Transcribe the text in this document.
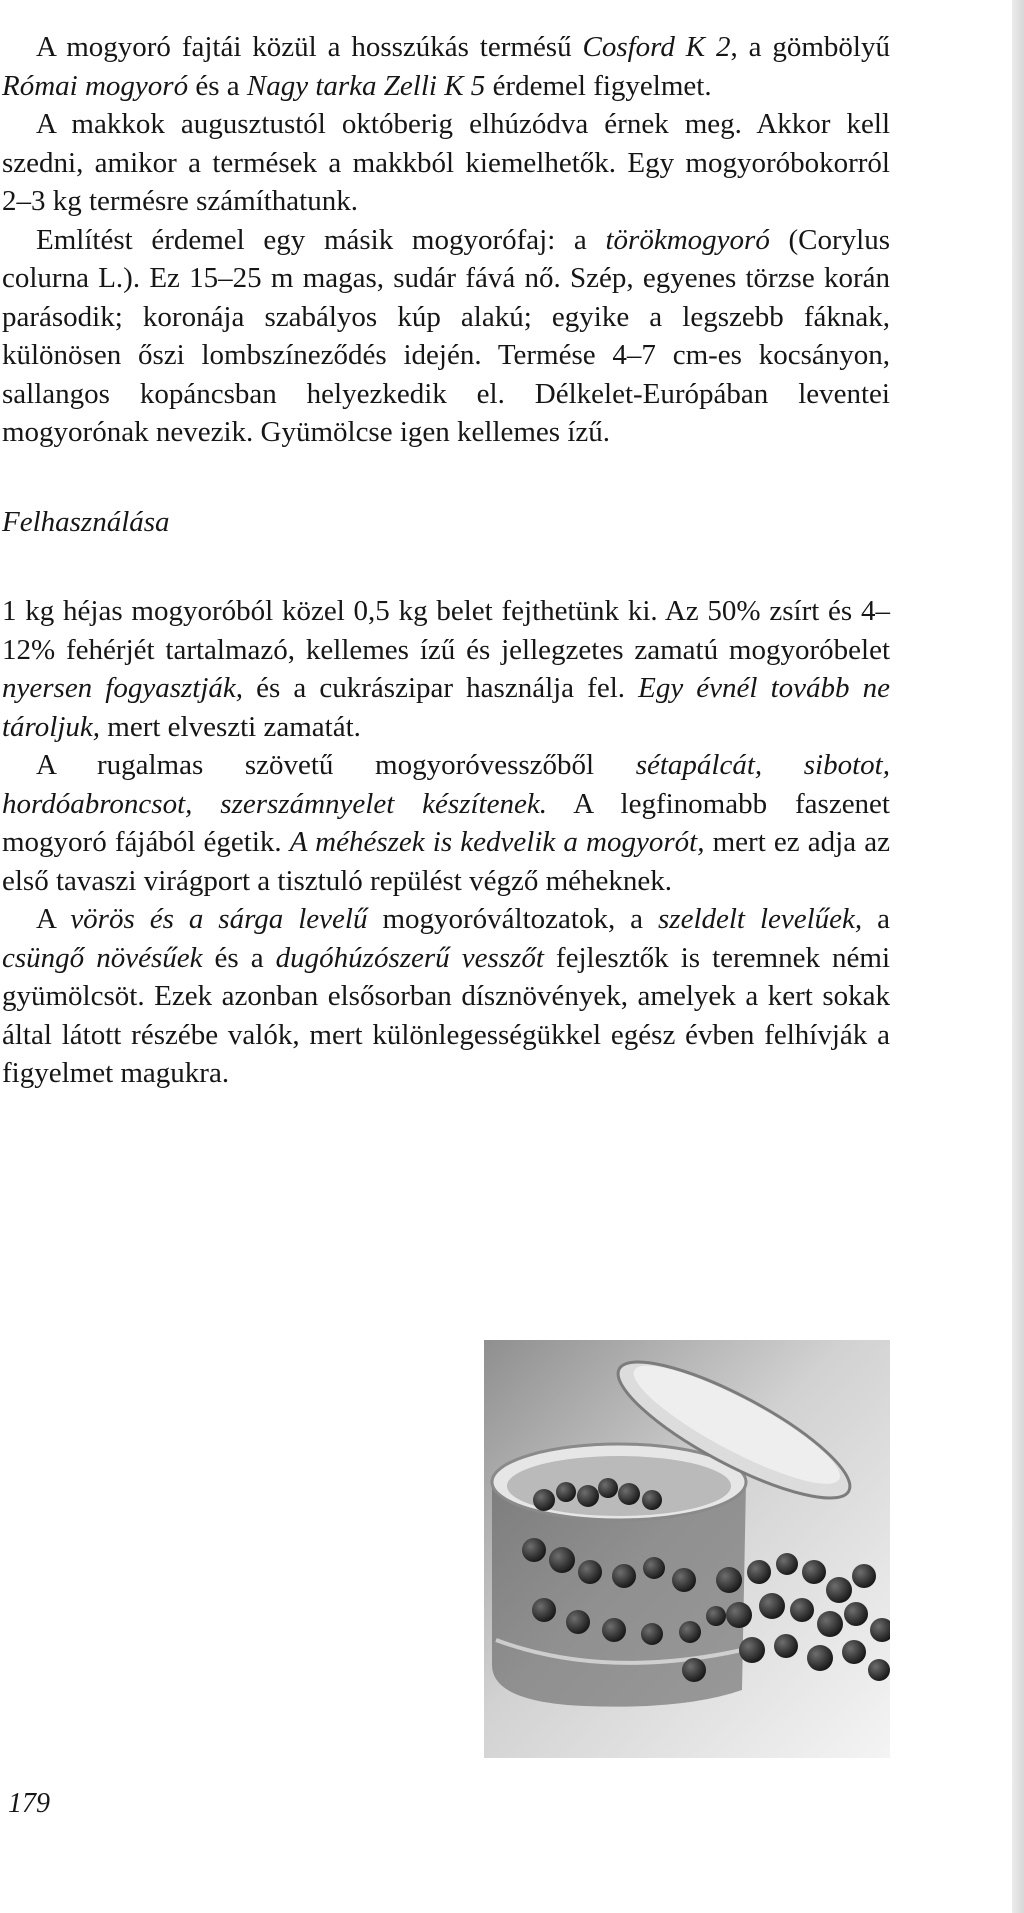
A mogyoró fajtái közül a hosszúkás termésű Cosford K 2, a gömbölyű Római mogyoró és a Nagy tarka Zelli K 5 érdemel figyelmet.

A makkok augusztustól októberig elhúzódva érnek meg. Akkor kell szedni, amikor a termések a makkból kiemelhetők. Egy mogyoróbokorról 2–3 kg termésre számíthatunk.

Említést érdemel egy másik mogyorófaj: a törökmogyoró (Corylus colurna L.). Ez 15–25 m magas, sudár fává nő. Szép, egyenes törzse korán parásodik; koronája szabályos kúp alakú; egyike a legszebb fáknak, különösen őszi lombszíneződés idején. Termése 4–7 cm-es kocsányon, sallangos kopáncsban helyezkedik el. Délkelet-Európában leventei mogyorónak nevezik. Gyümölcse igen kellemes ízű.

Felhasználása

1 kg héjas mogyoróból közel 0,5 kg belet fejthetünk ki. Az 50% zsírt és 4–12% fehérjét tartalmazó, kellemes ízű és jellegzetes zamatú mogyoróbelet nyersen fogyasztják, és a cukrászipar használja fel. Egy évnél tovább ne tároljuk, mert elveszti zamatát.

A rugalmas szövetű mogyoróvesszőből sétapálcát, sibotot, hordóabroncsot, szerszámnyelet készítenek. A legfinomabb faszenet mogyoró fájából égetik. A méhészek is kedvelik a mogyorót, mert ez adja az első tavaszi virágport a tisztuló repülést végző méheknek.

A vörös és a sárga levelű mogyoróváltozatok, a szeldelt levelűek, a csüngő növésűek és a dugóhúzószerű vesszőt fejlesztők is teremnek némi gyümölcsöt. Ezek azonban elsősorban dísznövények, amelyek a kert sokak által látott részébe valók, mert különlegességükkel egész évben felhívják a figyelmet magukra.

179
